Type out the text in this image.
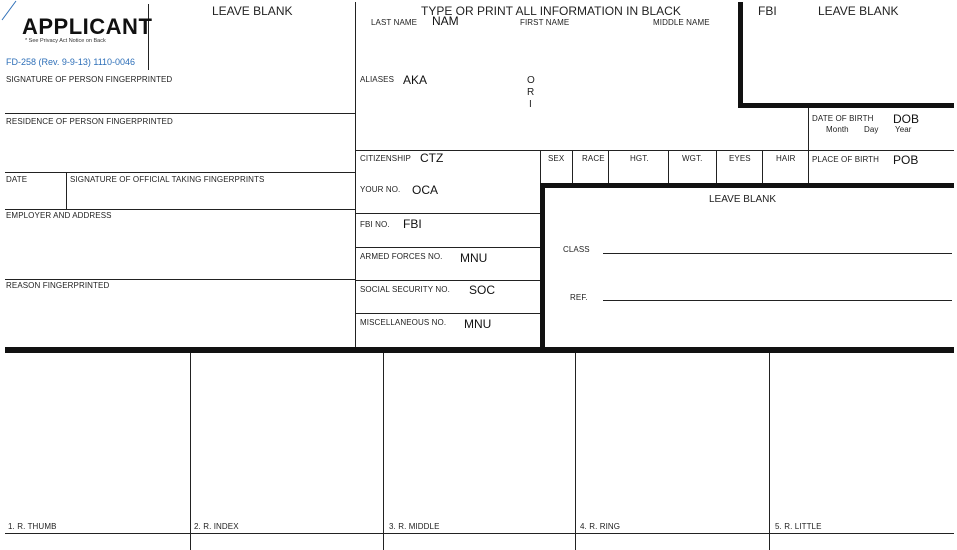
APPLICANT
* See Privacy Act Notice on Back
FD-258 (Rev. 9-9-13) 1110-0046
LEAVE BLANK	TYPE OR PRINT ALL INFORMATION IN BLACK	FBI	LEAVE BLANK
LAST NAME NAM	FIRST NAME	MIDDLE NAME
SIGNATURE OF PERSON FINGERPRINTED
RESIDENCE OF PERSON FINGERPRINTED
DATE	SIGNATURE OF OFFICIAL TAKING FINGERPRINTS
EMPLOYER AND ADDRESS
REASON FINGERPRINTED
ALIASES AKA	O
R
I
CITIZENSHIP CTZ	SEX RACE	HGT.	WGT.	EYES	HAIR
YOUR NO. OCA
FBI NO. FBI
ARMED FORCES NO. MNU
SOCIAL SECURITY NO. SOC
MISCELLANEOUS NO. MNU
DATE OF BIRTH DOB
Month Day Year
PLACE OF BIRTH POB
LEAVE BLANK
CLASS
REF.
1. R. THUMB	2. R. INDEX	3. R. MIDDLE	4. R. RING	5. R. LITTLE
